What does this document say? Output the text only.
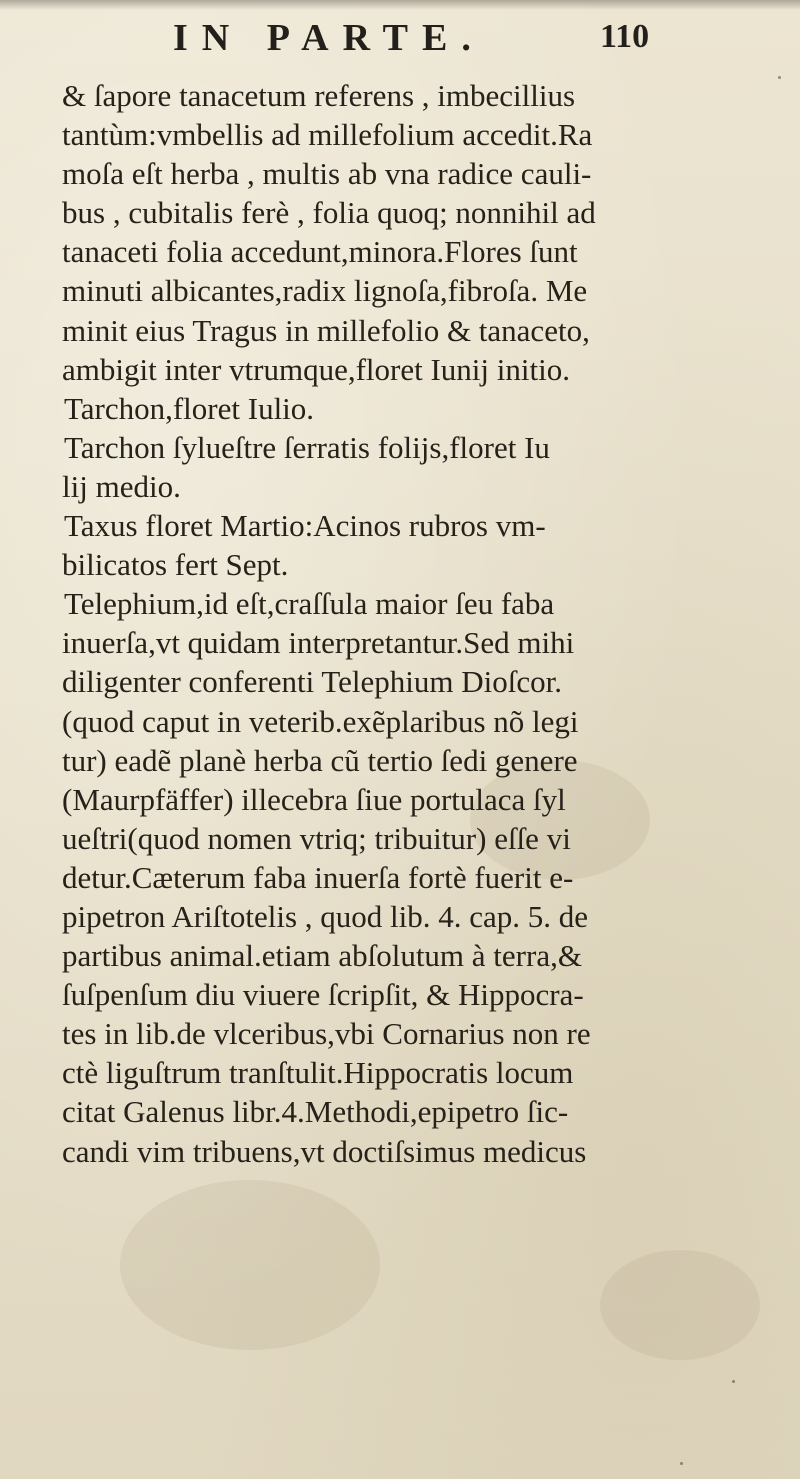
IN PARTE.	110
& ſapore tanacetum referens , imbecillius
tantùm:vmbellis ad millefolium accedit.Ra
moſa eſt herba , multis ab vna radice cauli-
bus , cubitalis ferè , folia quoq; nonnihil ad
tanaceti folia accedunt,minora.Flores ſunt
minuti albicantes,radix lignoſa,fibroſa. Me
minit eius Tragus in millefolio & tanaceto,
ambigit inter vtrumque,floret Iunij initio.
Tarchon,floret Iulio.
Tarchon ſylueſtre ſerratis folijs,floret Iu
lij medio.
Taxus floret Martio:Acinos rubros vm-
bilicatos fert Sept.
Telephium,id eſt,craſſula maior ſeu faba
inuerſa,vt quidam interpretantur.Sed mihi
diligenter conferenti Telephium Dioſcor.
(quod caput in veterib.exẽplaribus nõ legi
tur) eadẽ planè herba cũ tertio ſedi genere
(Maurpfäffer) illecebra ſiue portulaca ſyl
ueſtri(quod nomen vtriq; tribuitur) eſſe vi
detur.Cæterum faba inuerſa fortè fuerit e-
pipetron Ariſtotelis , quod lib. 4. cap. 5. de
partibus animal.etiam abſolutum à terra,&
ſuſpenſum diu viuere ſcripſit, & Hippocra-
tes in lib.de vlceribus,vbi Cornarius non re
ctè liguſtrum tranſtulit.Hippocratis locum
citat Galenus libr.4.Methodi,epipetro ſic-
candi vim tribuens,vt doctiſsimus medicus
